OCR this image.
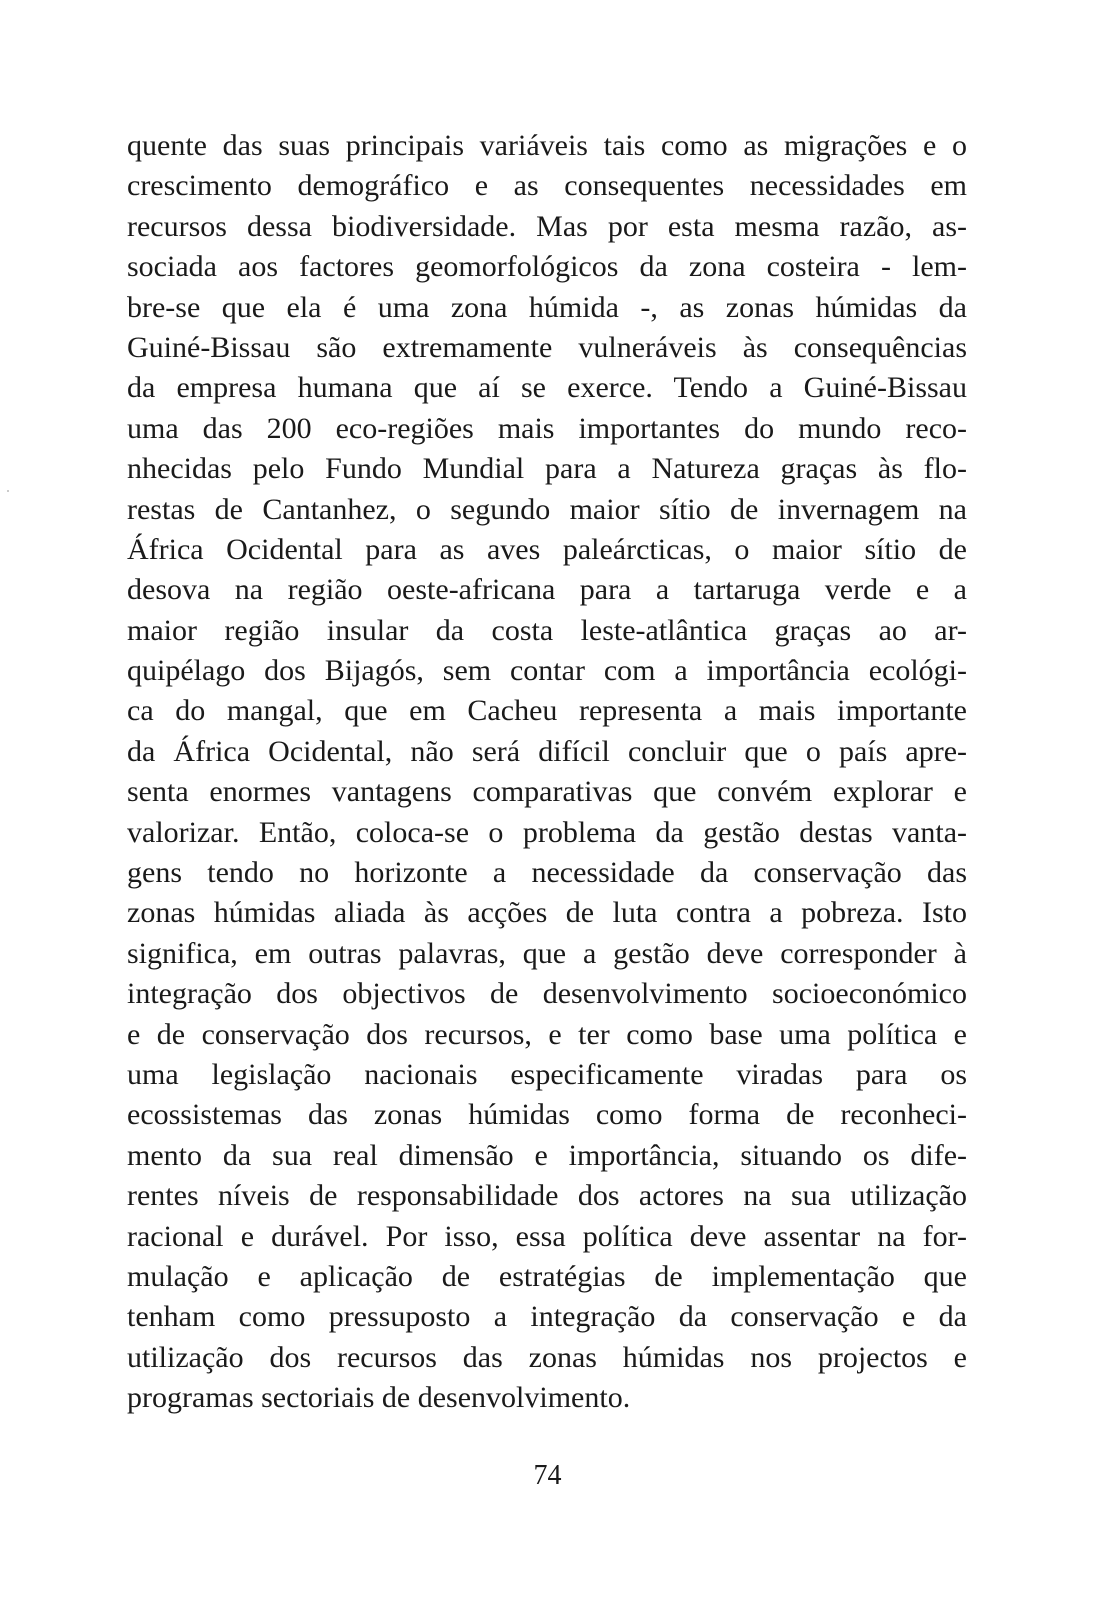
quente das suas principais variáveis tais como as migrações e o
crescimento demográfico e as consequentes necessidades em
recursos dessa biodiversidade. Mas por esta mesma razão, as-
sociada aos factores geomorfológicos da zona costeira - lem-
bre-se que ela é uma zona húmida -, as zonas húmidas da
Guiné-Bissau são extremamente vulneráveis às consequências
da empresa humana que aí se exerce. Tendo a Guiné-Bissau
uma das 200 eco-regiões mais importantes do mundo reco-
nhecidas pelo Fundo Mundial para a Natureza graças às flo-
restas de Cantanhez, o segundo maior sítio de invernagem na
África Ocidental para as aves paleárcticas, o maior sítio de
desova na região oeste-africana para a tartaruga verde e a
maior região insular da costa leste-atlântica graças ao ar-
quipélago dos Bijagós, sem contar com a importância ecológi-
ca do mangal, que em Cacheu representa a mais importante
da África Ocidental, não será difícil concluir que o país apre-
senta enormes vantagens comparativas que convém explorar e
valorizar. Então, coloca-se o problema da gestão destas vanta-
gens tendo no horizonte a necessidade da conservação das
zonas húmidas aliada às acções de luta contra a pobreza. Isto
significa, em outras palavras, que a gestão deve corresponder à
integração dos objectivos de desenvolvimento socioeconómico
e de conservação dos recursos, e ter como base uma política e
uma legislação nacionais especificamente viradas para os
ecossistemas das zonas húmidas como forma de reconheci-
mento da sua real dimensão e importância, situando os dife-
rentes níveis de responsabilidade dos actores na sua utilização
racional e durável. Por isso, essa política deve assentar na for-
mulação e aplicação de estratégias de implementação que
tenham como pressuposto a integração da conservação e da
utilização dos recursos das zonas húmidas nos projectos e
programas sectoriais de desenvolvimento.
74
